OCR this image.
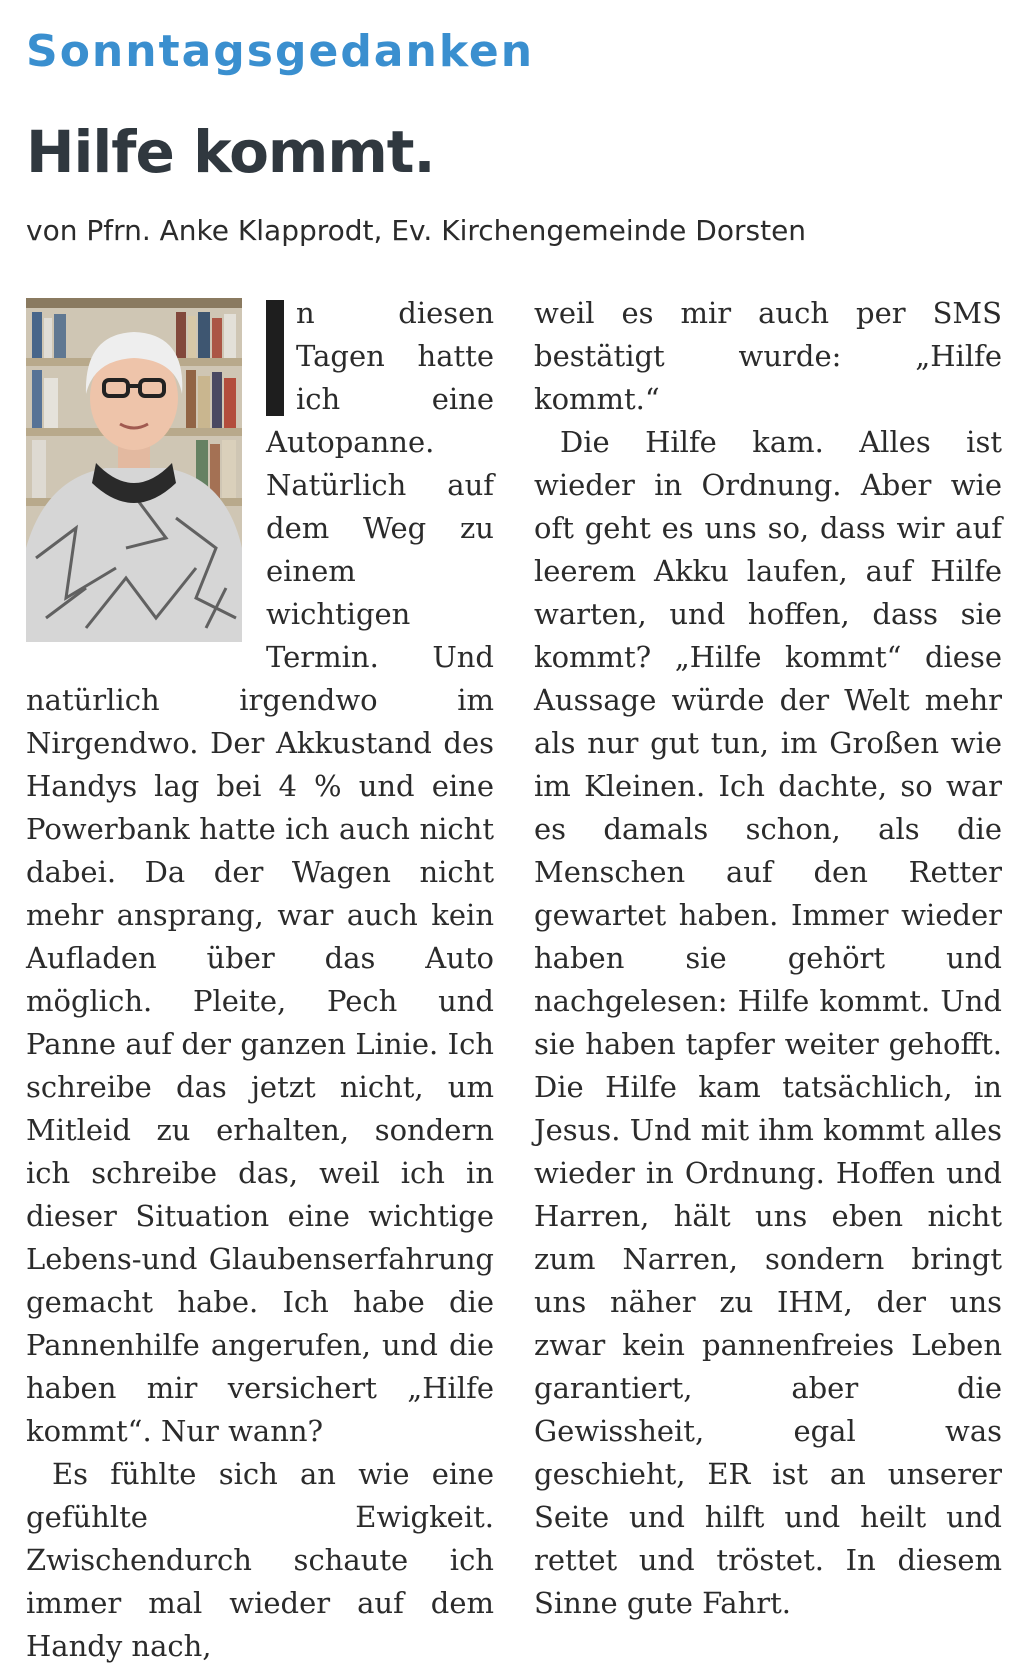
Sonntagsgedanken
Hilfe kommt.

von Pfrn. Anke Klapprodt, Ev. Kirchengemeinde Dorsten

n diesen Tagen hatte ich eine Autopanne. Natürlich auf dem Weg zu einem wichtigen Termin. Und natürlich irgendwo im Nirgendwo. Der Akkustand des Handys lag bei 4 % und eine Powerbank hatte ich auch nicht dabei. Da der Wagen nicht mehr ansprang, war auch kein Aufladen über das Auto möglich. Pleite, Pech und Panne auf der ganzen Linie. Ich schreibe das jetzt nicht, um Mitleid zu erhalten, sondern ich schreibe das, weil ich in dieser Situation eine wichtige Lebens-und Glaubenserfahrung gemacht habe. Ich habe die Pannenhilfe angerufen, und die haben mir versichert „Hilfe kommt“. Nur wann?

Es fühlte sich an wie eine gefühlte Ewigkeit. Zwischendurch schaute ich immer mal wieder auf dem Handy nach,

weil es mir auch per SMS bestätigt wurde: „Hilfe kommt.“

Die Hilfe kam. Alles ist wieder in Ordnung. Aber wie oft geht es uns so, dass wir auf leerem Akku laufen, auf Hilfe warten, und hoffen, dass sie kommt? „Hilfe kommt“ diese Aussage würde der Welt mehr als nur gut tun, im Großen wie im Kleinen. Ich dachte, so war es damals schon, als die Menschen auf den Retter gewartet haben. Immer wieder haben sie gehört und nachgelesen: Hilfe kommt. Und sie haben tapfer weiter gehofft. Die Hilfe kam tatsächlich, in Jesus. Und mit ihm kommt alles wieder in Ordnung. Hoffen und Harren, hält uns eben nicht zum Narren, sondern bringt uns näher zu IHM, der uns zwar kein pannenfreies Leben garantiert, aber die Gewissheit, egal was geschieht, ER ist an unserer Seite und hilft und heilt und rettet und tröstet. In diesem Sinne gute Fahrt.
